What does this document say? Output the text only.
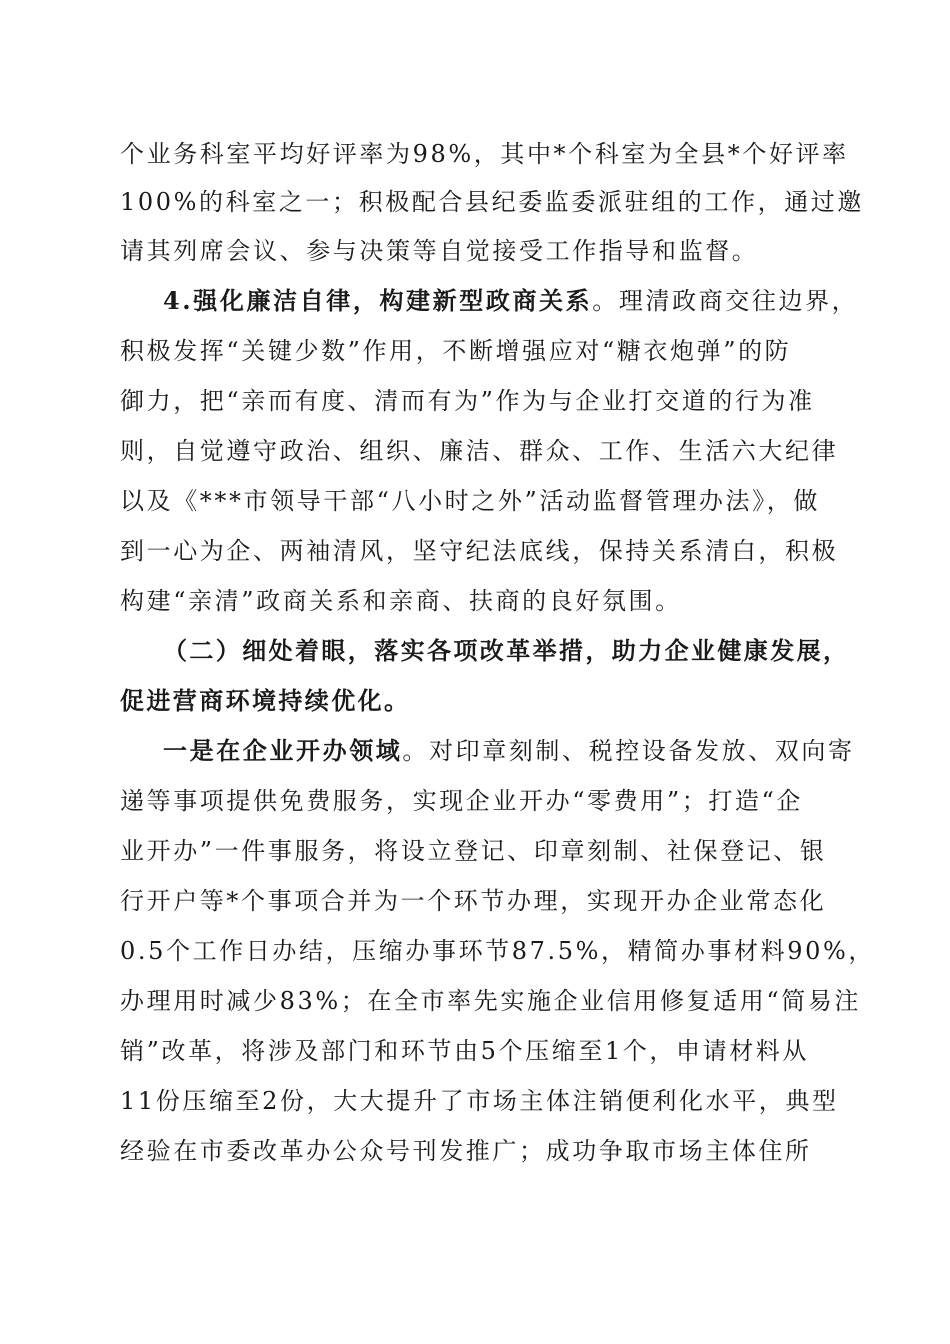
个业务科室平均好评率为98%，其中*个科室为全县*个好评率
100%的科室之一；积极配合县纪委监委派驻组的工作，通过邀
请其列席会议、参与决策等自觉接受工作指导和监督。
4.强化廉洁自律，构建新型政商关系。理清政商交往边界，
积极发挥“关键少数”作用，不断增强应对“糖衣炮弹”的防
御力，把“亲而有度、清而有为”作为与企业打交道的行为准
则，自觉遵守政治、组织、廉洁、群众、工作、生活六大纪律
以及《***市领导干部“八小时之外”活动监督管理办法》，做
到一心为企、两袖清风，坚守纪法底线，保持关系清白，积极
构建“亲清”政商关系和亲商、扶商的良好氛围。
（二）细处着眼，落实各项改革举措，助力企业健康发展，
促进营商环境持续优化。
一是在企业开办领域。对印章刻制、税控设备发放、双向寄
递等事项提供免费服务，实现企业开办“零费用”；打造“企
业开办”一件事服务，将设立登记、印章刻制、社保登记、银
行开户等*个事项合并为一个环节办理，实现开办企业常态化
0.5个工作日办结，压缩办事环节87.5%，精简办事材料90%，
办理用时减少83%；在全市率先实施企业信用修复适用“简易注
销”改革，将涉及部门和环节由5个压缩至1个，申请材料从
11份压缩至2份，大大提升了市场主体注销便利化水平，典型
经验在市委改革办公众号刊发推广；成功争取市场主体住所
